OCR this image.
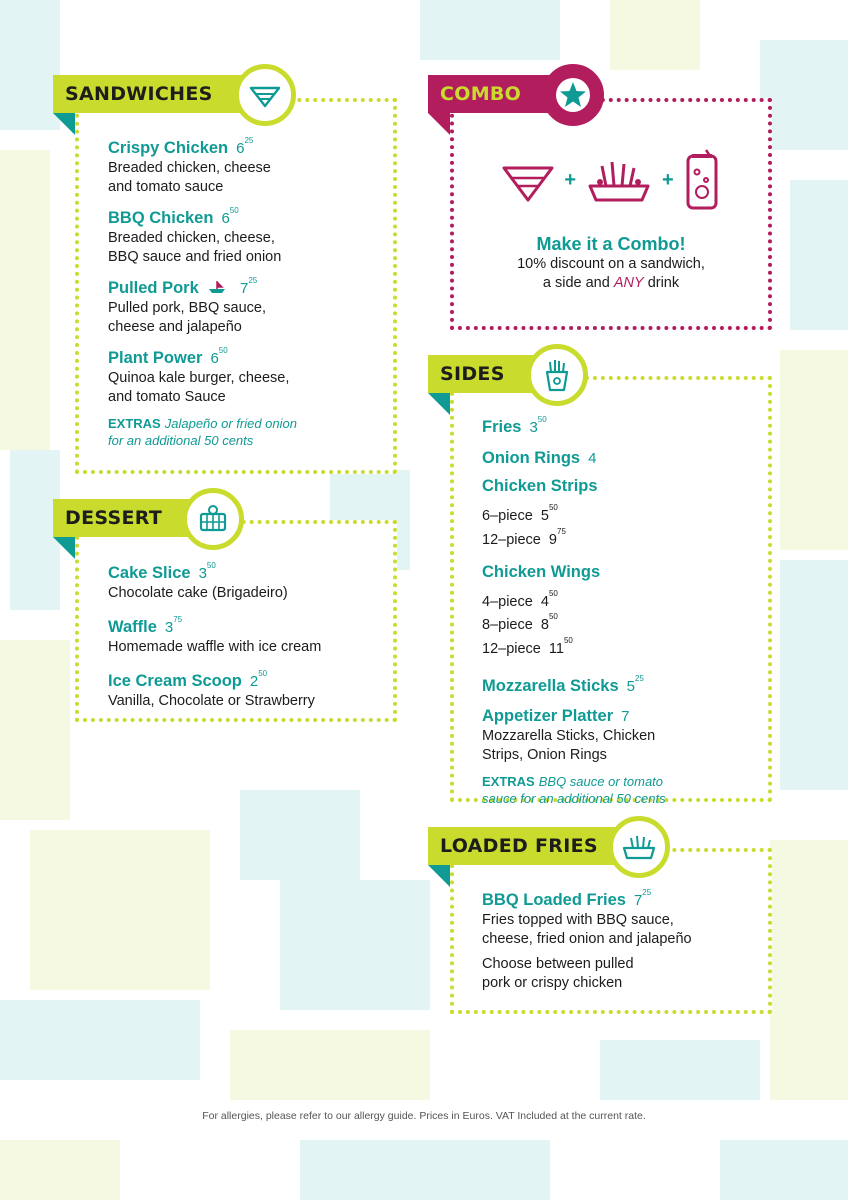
SANDWICHES
Crispy Chicken $6^{25}$
Breaded chicken, cheese
and tomato sauce
BBQ Chicken $6^{50}$
Breaded chicken, cheese,
BBQ sauce and fried onion
Pulled Pork	$7^{25}$
Pulled pork, BBQ sauce,
cheese and jalapeño
Plant Power $6^{50}$
Quinoa kale burger, cheese,
and tomato Sauce
EXTRAS Jalapeño or fried onion
for an additional 50 cents
DESSERT
Cake Slice $3^{50}$
Chocolate cake (Brigadeiro)
Waffle $3^{75}$
Homemade waffle with ice cream
Ice Cream Scoop $2^{50}$
Vanilla, Chocolate or Strawberry
COMBO
+	+
Make it a Combo!
10% discount on a sandwich,
a side and ANY drink
SIDES
Fries $3^{50}$
Onion Rings 4
Chicken Strips
6–piece $5^{50}$
12–piece $9^{75}$
Chicken Wings
4–piece $4^{50}$
8–piece $8^{50}$
12–piece $11^{50}$
Mozzarella Sticks $5^{25}$
Appetizer Platter 7
Mozzarella Sticks, Chicken
Strips, Onion Rings
EXTRAS BBQ sauce or tomato
sauce for an additional 50 cents
LOADED FRIES
BBQ Loaded Fries $7^{25}$
Fries topped with BBQ sauce,
cheese, fried onion and jalapeño
Choose between pulled
pork or crispy chicken
For allergies, please refer to our allergy guide. Prices in Euros. VAT Included at the current rate.
